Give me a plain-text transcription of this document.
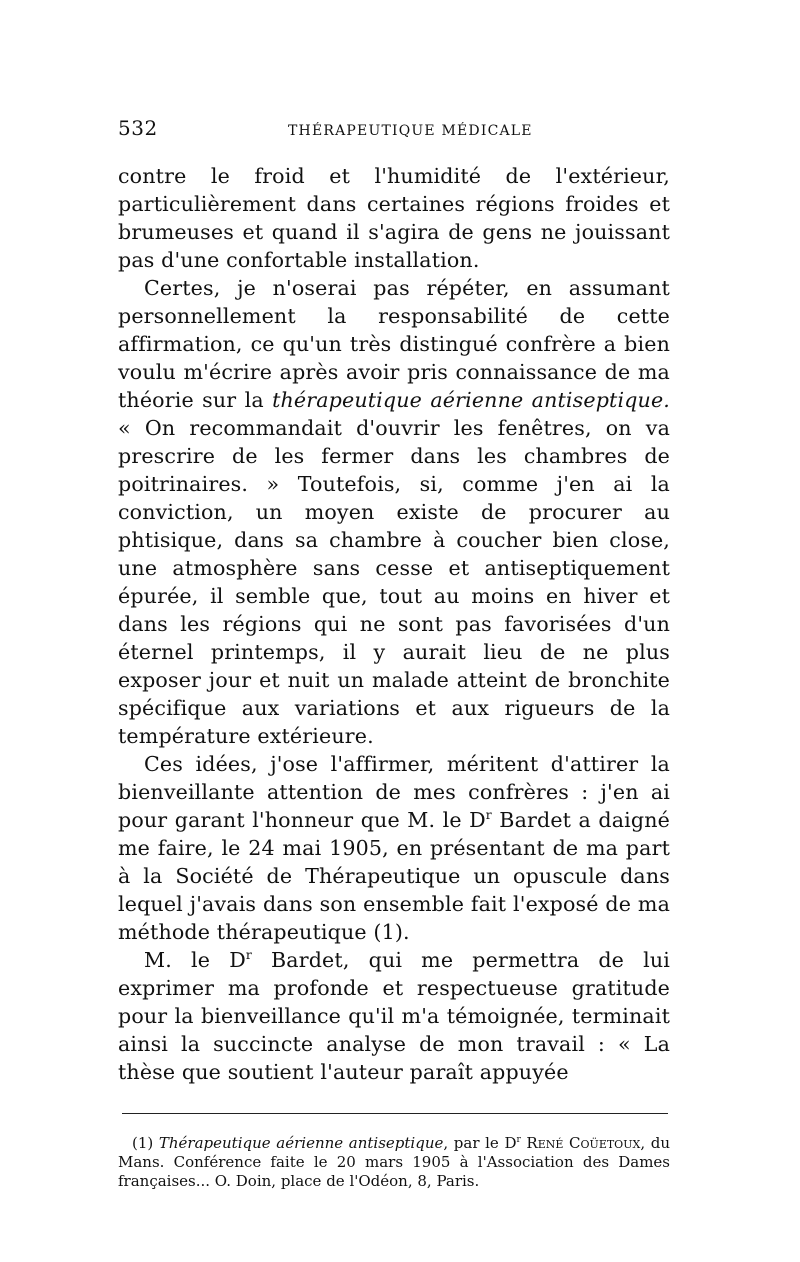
532	THÉRAPEUTIQUE MÉDICALE

contre le froid et l'humidité de l'extérieur, particulièrement dans certaines régions froides et brumeuses et quand il s'agira de gens ne jouissant pas d'une confortable installation.

Certes, je n'oserai pas répéter, en assumant personnellement la responsabilité de cette affirmation, ce qu'un très distingué confrère a bien voulu m'écrire après avoir pris connaissance de ma théorie sur la thérapeutique aérienne antiseptique. « On recommandait d'ouvrir les fenêtres, on va prescrire de les fermer dans les chambres de poitrinaires. » Toutefois, si, comme j'en ai la conviction, un moyen existe de procurer au phtisique, dans sa chambre à coucher bien close, une atmosphère sans cesse et antiseptiquement épurée, il semble que, tout au moins en hiver et dans les régions qui ne sont pas favorisées d'un éternel printemps, il y aurait lieu de ne plus exposer jour et nuit un malade atteint de bronchite spécifique aux variations et aux rigueurs de la température extérieure.

Ces idées, j'ose l'affirmer, méritent d'attirer la bienveillante attention de mes confrères : j'en ai pour garant l'honneur que M. le $D^r$ Bardet a daigné me faire, le 24 mai 1905, en présentant de ma part à la Société de Thérapeutique un opuscule dans lequel j'avais dans son ensemble fait l'exposé de ma méthode thérapeutique (1).

M. le $D^r$ Bardet, qui me permettra de lui exprimer ma profonde et respectueuse gratitude pour la bienveillance qu'il m'a témoignée, terminait ainsi la succincte analyse de mon travail : « La thèse que soutient l'auteur paraît appuyée

(1) Thérapeutique aérienne antiseptique, par le $D^r$ René Coüetoux, du Mans. Conférence faite le 20 mars 1905 à l'Association des Dames françaises... O. Doin, place de l'Odéon, 8, Paris.
